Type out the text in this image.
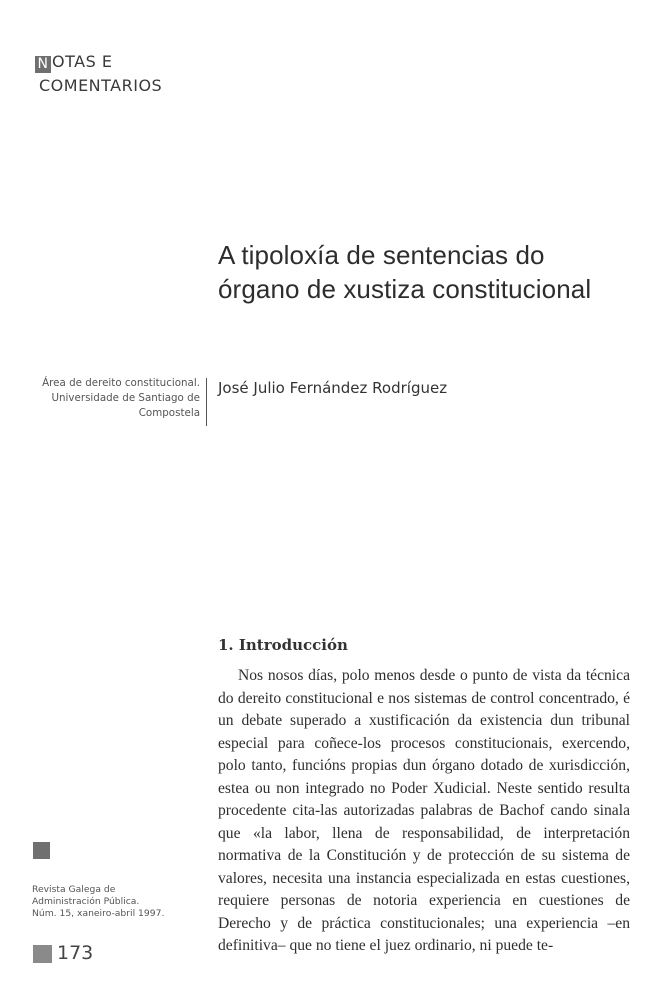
N OTAS E
COMENTARIOS
A tipoloxía de sentencias do
órgano de xustiza constitucional
Área de dereito constitucional.
Universidade de Santiago de
Compostela
José Julio Fernández Rodríguez
1. Introducción
Nos nosos días, polo menos desde o punto de vista da técnica do dereito constitucional e nos sistemas de control concentrado, é un debate superado a xustificación da existencia dun tribunal especial para coñece-los procesos constitucionais, exercendo, polo tanto, funcións propias dun órgano dotado de xurisdicción, estea ou non integrado no Poder Xudicial. Neste sentido resulta procedente cita-las autorizadas palabras de Bachof cando sinala que «la labor, llena de responsabilidad, de interpretación normativa de la Constitución y de protección de su sistema de valores, necesita una instancia especializada en estas cuestiones, requiere personas de notoria experiencia en cuestiones de Derecho y de práctica constitucionales; una experiencia –en definitiva– que no tiene el juez ordinario, ni puede te-
Revista Galega de
Administración Pública.
Núm. 15, xaneiro-abril 1997.
173
